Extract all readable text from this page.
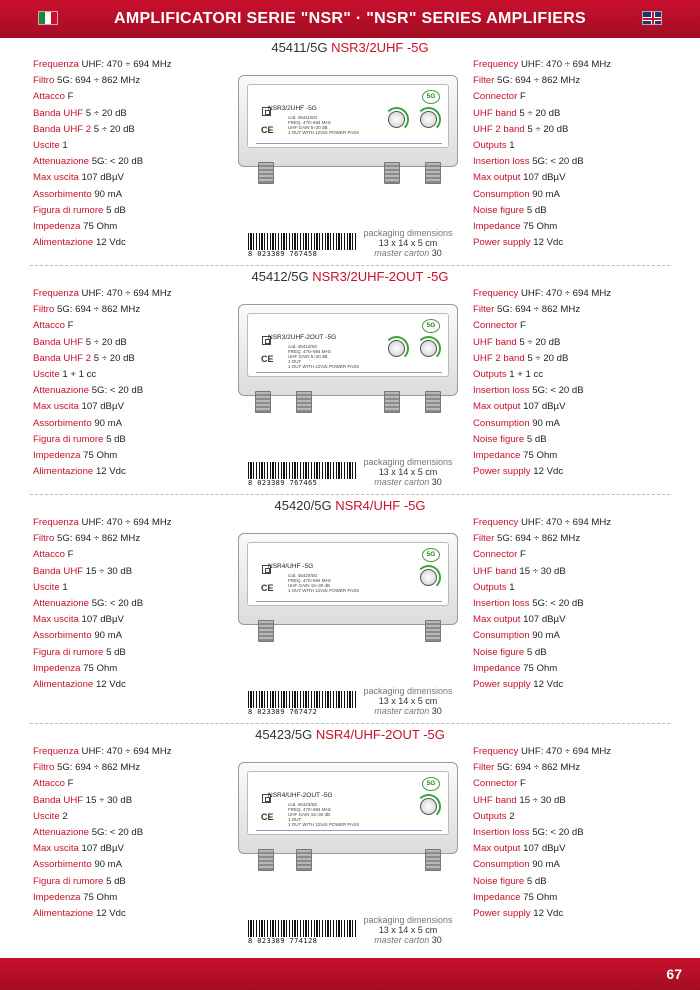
AMPLIFICATORI SERIE "NSR" · "NSR" SERIES AMPLIFIERS
45411/5G NSR3/2UHF -5G
Frequenza UHF: 470 ÷ 694 MHz
Filtro 5G: 694 ÷ 862 MHz
Attacco F
Banda UHF 5 ÷ 20 dB
Banda UHF 2 5 ÷ 20 dB
Uscite 1
Attenuazione 5G: < 20 dB
Max uscita 107 dBµV
Assorbimento 90 mA
Figura di rumore 5 dB
Impedenza 75 Ohm
Alimentazione 12 Vdc
Frequency UHF: 470 ÷ 694 MHz
Filter 5G: 694 ÷ 862 MHz
Connector F
UHF band 5 ÷ 20 dB
UHF 2 band 5 ÷ 20 dB
Outputs 1
Insertion loss 5G: < 20 dB
Max output 107 dBµV
Consumption 90 mA
Noise figure 5 dB
Impedance 75 Ohm
Power supply 12 Vdc
5G
CE
NSR3/2UHF -5G
cod. 45411/5G
FREQ. 470÷694 MHz
UHF GAIN 5÷20 dB
1 OUT WITH 12Vdc POWER PASS
8 023389 767458
packaging dimensions
13 x 14 x 5 cm
master carton 30
45412/5G NSR3/2UHF-2OUT -5G
Frequenza UHF: 470 ÷ 694 MHz
Filtro 5G: 694 ÷ 862 MHz
Attacco F
Banda UHF 5 ÷ 20 dB
Banda UHF 2 5 ÷ 20 dB
Uscite 1 + 1 cc
Attenuazione 5G: < 20 dB
Max uscita 107 dBµV
Assorbimento 90 mA
Figura di rumore 5 dB
Impedenza 75 Ohm
Alimentazione 12 Vdc
Frequency UHF: 470 ÷ 694 MHz
Filter 5G: 694 ÷ 862 MHz
Connector F
UHF band 5 ÷ 20 dB
UHF 2 band 5 ÷ 20 dB
Outputs 1 + 1 cc
Insertion loss 5G: < 20 dB
Max output 107 dBµV
Consumption 90 mA
Noise figure 5 dB
Impedance 75 Ohm
Power supply 12 Vdc
5G
CE
NSR3/2UHF-2OUT -5G
cod. 45412/5G
FREQ. 470÷694 MHz
UHF GAIN 5÷20 dB
1 OUT
1 OUT WITH 12Vdc POWER PASS
8 023389 767465
packaging dimensions
13 x 14 x 5 cm
master carton 30
45420/5G NSR4/UHF -5G
Frequenza UHF: 470 ÷ 694 MHz
Filtro 5G: 694 ÷ 862 MHz
Attacco F
Banda UHF 15 ÷ 30 dB
Uscite 1
Attenuazione 5G: < 20 dB
Max uscita 107 dBµV
Assorbimento 90 mA
Figura di rumore 5 dB
Impedenza 75 Ohm
Alimentazione 12 Vdc
Frequency UHF: 470 ÷ 694 MHz
Filter 5G: 694 ÷ 862 MHz
Connector F
UHF band 15 ÷ 30 dB
Outputs 1
Insertion loss 5G: < 20 dB
Max output 107 dBµV
Consumption 90 mA
Noise figure 5 dB
Impedance 75 Ohm
Power supply 12 Vdc
5G
CE
NSR4/UHF -5G
cod. 45420/5G
FREQ. 470÷694 MHz
UHF GAIN 15÷30 dB
1 OUT WITH 12Vdc POWER PASS
8 023389 767472
packaging dimensions
13 x 14 x 5 cm
master carton 30
45423/5G NSR4/UHF-2OUT -5G
Frequenza UHF: 470 ÷ 694 MHz
Filtro 5G: 694 ÷ 862 MHz
Attacco F
Banda UHF 15 ÷ 30 dB
Uscite 2
Attenuazione 5G: < 20 dB
Max uscita 107 dBµV
Assorbimento 90 mA
Figura di rumore 5 dB
Impedenza 75 Ohm
Alimentazione 12 Vdc
Frequency UHF: 470 ÷ 694 MHz
Filter 5G: 694 ÷ 862 MHz
Connector F
UHF band 15 ÷ 30 dB
Outputs 2
Insertion loss 5G: < 20 dB
Max output 107 dBµV
Consumption 90 mA
Noise figure 5 dB
Impedance 75 Ohm
Power supply 12 Vdc
5G
CE
NSR4/UHF-2OUT -5G
cod. 45423/5G
FREQ. 470÷694 MHz
UHF GAIN 15÷30 dB
1 OUT
1 OUT WITH 12Vdc POWER PASS
8 023389 774128
packaging dimensions
13 x 14 x 5 cm
master carton 30
67
